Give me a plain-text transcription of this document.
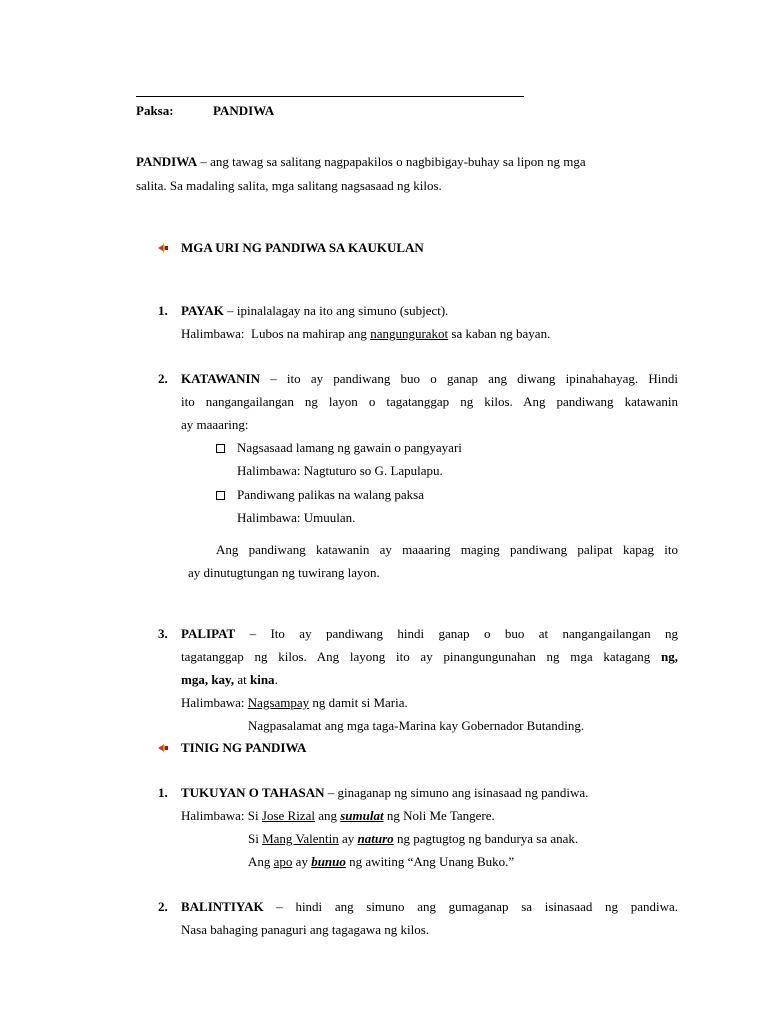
Paksa:	PANDIWA
PANDIWA – ang tawag sa salitang nagpapakilos o nagbibigay-buhay sa lipon ng mga
salita. Sa madaling salita, mga salitang nagsasaad ng kilos.
MGA URI NG PANDIWA SA KAUKULAN
1. PAYAK – ipinalalagay na ito ang simuno (subject).
Halimbawa: Lubos na mahirap ang nangungurakot sa kaban ng bayan.
2. KATAWANIN – ito ay pandiwang buo o ganap ang diwang ipinahahayag. Hindi
ito nangangailangan ng layon o tagatanggap ng kilos. Ang pandiwang katawanin
ay maaaring:
Nagsasaad lamang ng gawain o pangyayari
Halimbawa: Nagtuturo so G. Lapulapu.
Pandiwang palikas na walang paksa
Halimbawa: Umuulan.
Ang pandiwang katawanin ay maaaring maging pandiwang palipat kapag ito
ay dinutugtungan ng tuwirang layon.
3. PALIPAT – Ito ay pandiwang hindi ganap o buo at nangangailangan ng
tagatanggap ng kilos. Ang layong ito ay pinangungunahan ng mga katagang ng,
mga, kay, at kina.
Halimbawa: Nagsampay ng damit si Maria.
Nagpasalamat ang mga taga-Marina kay Gobernador Butanding.
TINIG NG PANDIWA
1. TUKUYAN O TAHASAN – ginaganap ng simuno ang isinasaad ng pandiwa.
Halimbawa: Si Jose Rizal ang sumulat ng Noli Me Tangere.
Si Mang Valentin ay naturo ng pagtugtog ng bandurya sa anak.
Ang apo ay bunuo ng awiting “Ang Unang Buko.”
2. BALINTIYAK – hindi ang simuno ang gumaganap sa isinasaad ng pandiwa.
Nasa bahaging panaguri ang tagagawa ng kilos.
